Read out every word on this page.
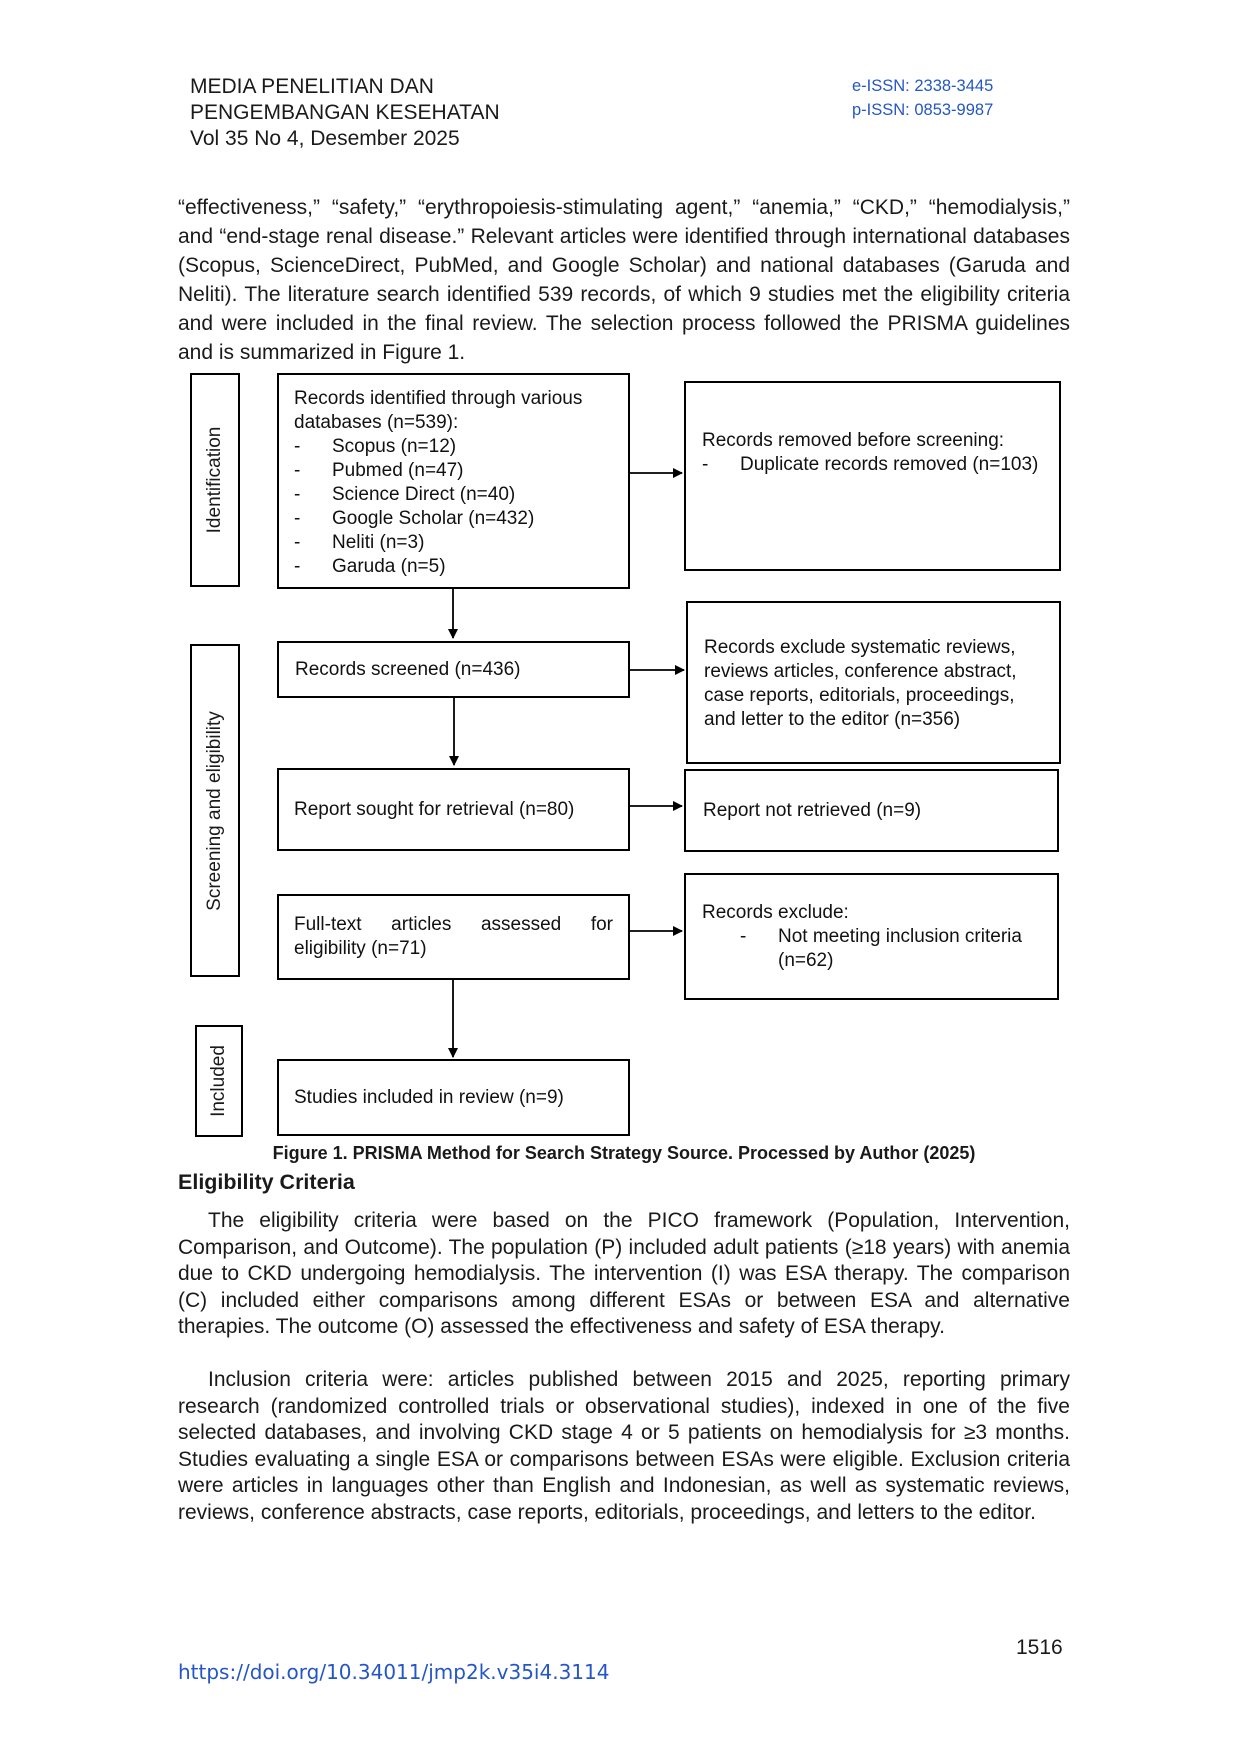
MEDIA PENELITIAN DAN
PENGEMBANGAN KESEHATAN
Vol 35 No 4, Desember 2025
e-ISSN: 2338-3445
p-ISSN: 0853-9987
“effectiveness,” “safety,” “erythropoiesis-stimulating agent,” “anemia,” “CKD,” “hemodialysis,” and “end-stage renal disease.” Relevant articles were identified through international databases (Scopus, ScienceDirect, PubMed, and Google Scholar) and national databases (Garuda and Neliti). The literature search identified 539 records, of which 9 studies met the eligibility criteria and were included in the final review. The selection process followed the PRISMA guidelines and is summarized in Figure 1.
Identification
Screening and eligibility
Included
Records identified through various databases (n=539):
-	Scopus (n=12)
-	Pubmed (n=47)
-	Science Direct (n=40)
-	Google Scholar (n=432)
-	Neliti (n=3)
-	Garuda (n=5)
Records screened (n=436)
Report sought for retrieval (n=80)
Full-text articles assessed for eligibility (n=71)
Studies included in review (n=9)
Records removed before screening:
-	Duplicate records removed (n=103)
Records exclude systematic reviews, reviews articles, conference abstract, case reports, editorials, proceedings, and letter to the editor (n=356)
Report not retrieved (n=9)
Records exclude:
-	Not meeting inclusion criteria (n=62)
Figure 1. PRISMA Method for Search Strategy Source. Processed by Author (2025)
Eligibility Criteria
The eligibility criteria were based on the PICO framework (Population, Intervention, Comparison, and Outcome). The population (P) included adult patients (≥18 years) with anemia due to CKD undergoing hemodialysis. The intervention (I) was ESA therapy. The comparison (C) included either comparisons among different ESAs or between ESA and alternative therapies. The outcome (O) assessed the effectiveness and safety of ESA therapy.
Inclusion criteria were: articles published between 2015 and 2025, reporting primary research (randomized controlled trials or observational studies), indexed in one of the five selected databases, and involving CKD stage 4 or 5 patients on hemodialysis for ≥3 months. Studies evaluating a single ESA or comparisons between ESAs were eligible. Exclusion criteria were articles in languages other than English and Indonesian, as well as systematic reviews, reviews, conference abstracts, case reports, editorials, proceedings, and letters to the editor.
1516
https://doi.org/10.34011/jmp2k.v35i4.3114
